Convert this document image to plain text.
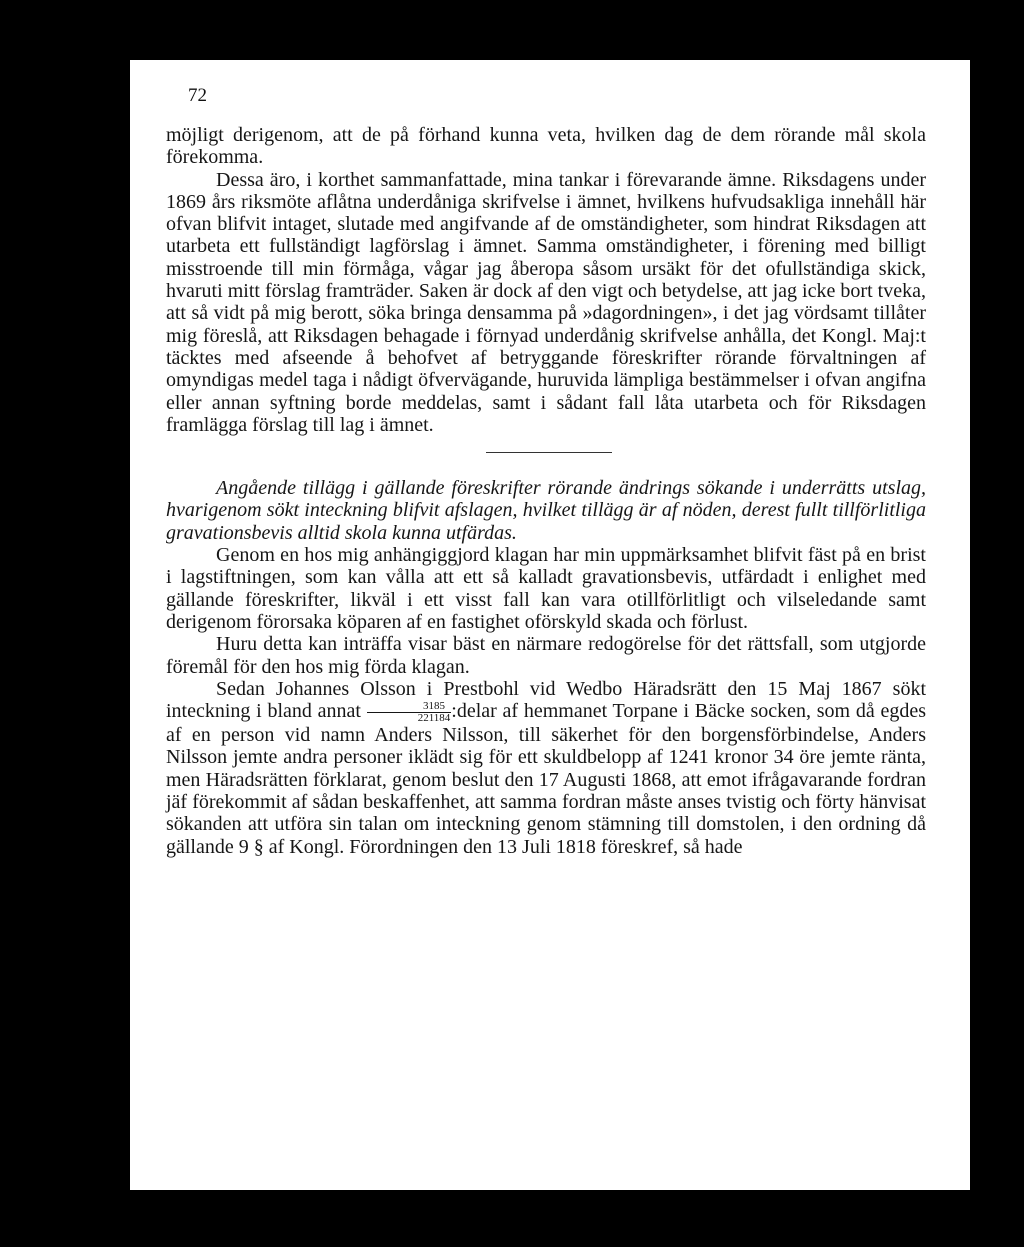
72

möjligt derigenom, att de på förhand kunna veta, hvilken dag de dem rörande mål skola förekomma.

Dessa äro, i korthet sammanfattade, mina tankar i förevarande ämne. Riksdagens under 1869 års riksmöte aflåtna underdåniga skrifvelse i ämnet, hvilkens hufvudsakliga innehåll här ofvan blifvit intaget, slutade med angifvande af de omständigheter, som hindrat Riksdagen att utarbeta ett fullständigt lagförslag i ämnet. Samma omständigheter, i förening med billigt misstroende till min förmåga, vågar jag åberopa såsom ursäkt för det ofullständiga skick, hvaruti mitt förslag framträder. Saken är dock af den vigt och betydelse, att jag icke bort tveka, att så vidt på mig berott, söka bringa densamma på »dagordningen», i det jag vördsamt tillåter mig föreslå, att Riksdagen behagade i förnyad underdånig skrifvelse anhålla, det Kongl. Maj:t täcktes med afseende å behofvet af betryggande föreskrifter rörande förvaltningen af omyndigas medel taga i nådigt öfvervägande, huruvida lämpliga bestämmelser i ofvan angifna eller annan syftning borde meddelas, samt i sådant fall låta utarbeta och för Riksdagen framlägga förslag till lag i ämnet.

Angående tillägg i gällande föreskrifter rörande ändrings sökande i underrätts utslag, hvarigenom sökt inteckning blifvit afslagen, hvilket tillägg är af nöden, derest fullt tillförlitliga gravationsbevis alltid skola kunna utfärdas.

Genom en hos mig anhängiggjord klagan har min uppmärksamhet blifvit fäst på en brist i lagstiftningen, som kan vålla att ett så kalladt gravationsbevis, utfärdadt i enlighet med gällande föreskrifter, likväl i ett visst fall kan vara otillförlitligt och vilseledande samt derigenom förorsaka köparen af en fastighet oförskyld skada och förlust.

Huru detta kan inträffa visar bäst en närmare redogörelse för det rättsfall, som utgjorde föremål för den hos mig förda klagan.

Sedan Johannes Olsson i Prestbohl vid Wedbo Häradsrätt den 15 Maj 1867 sökt inteckning i bland annat $\frac{3185}{221184}$ :delar af hemmanet Torpane i Bäcke socken, som då egdes af en person vid namn Anders Nilsson, till säkerhet för den borgensförbindelse, Anders Nilsson jemte andra personer iklädt sig för ett skuldbelopp af 1241 kronor 34 öre jemte ränta, men Häradsrätten förklarat, genom beslut den 17 Augusti 1868, att emot ifrågavarande fordran jäf förekommit af sådan beskaffenhet, att samma fordran måste anses tvistig och förty hänvisat sökanden att utföra sin talan om inteckning genom stämning till domstolen, i den ordning då gällande 9 § af Kongl. Förordningen den 13 Juli 1818 föreskref, så hade
